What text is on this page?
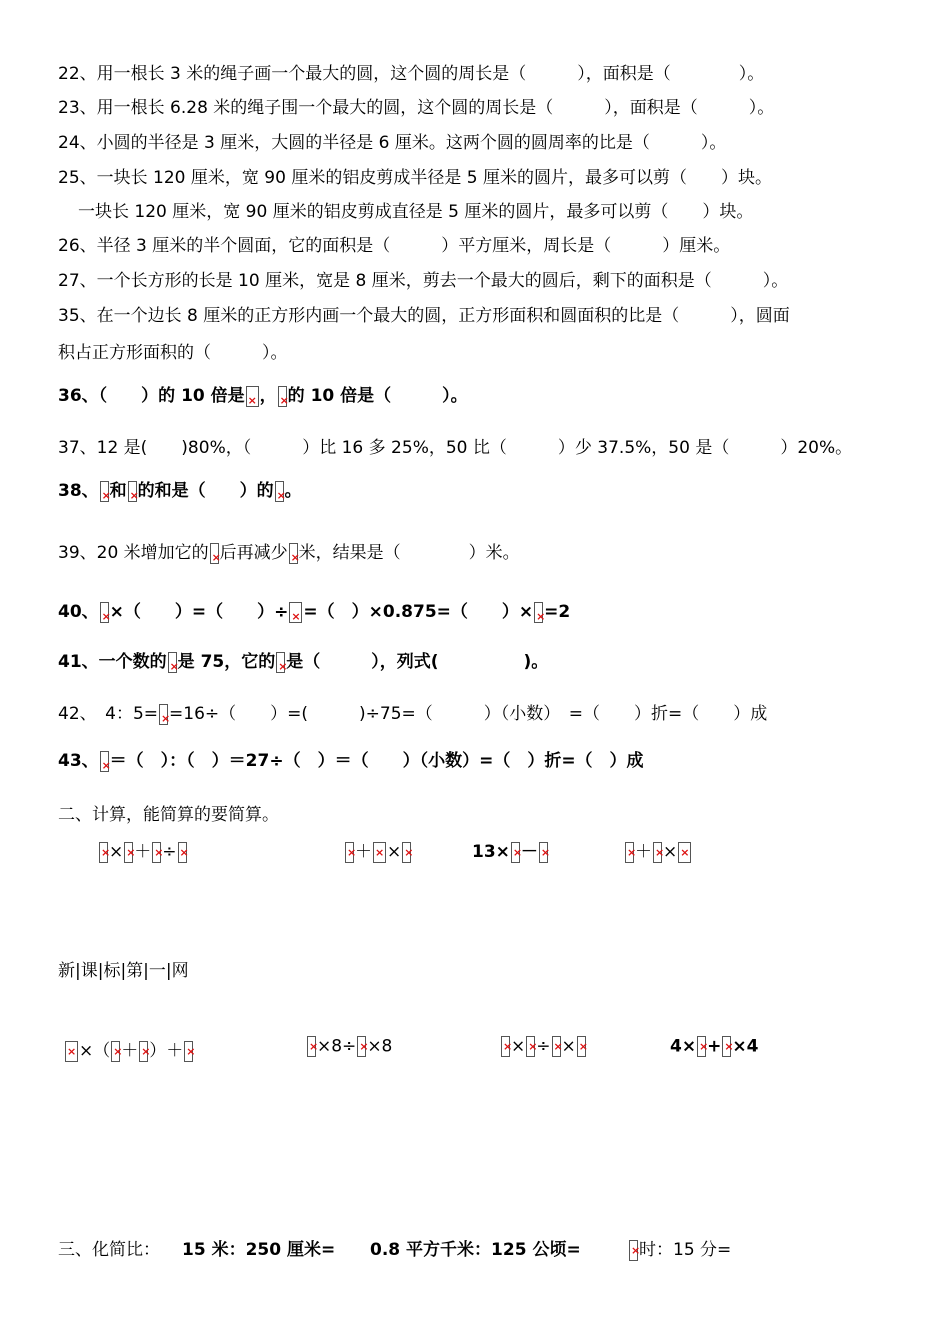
22、用一根长 3 米的绳子画一个最大的圆，这个圆的周长是（　　　），面积是（　　　　）。
23、用一根长 6.28 米的绳子围一个最大的圆，这个圆的周长是（　　　），面积是（　　　）。
24、小圆的半径是 3 厘米，大圆的半径是 6 厘米。这两个圆的圆周率的比是（　　　）。
25、一块长 120 厘米，宽 90 厘米的铝皮剪成半径是 5 厘米的圆片，最多可以剪（　　）块。
一块长 120 厘米，宽 90 厘米的铝皮剪成直径是 5 厘米的圆片，最多可以剪（　　）块。
26、半径 3 厘米的半个圆面，它的面积是（　　　）平方厘米，周长是（　　　）厘米。
27、一个长方形的长是 10 厘米，宽是 8 厘米，剪去一个最大的圆后，剩下的面积是（　　　）。
35、在一个边长 8 厘米的正方形内画一个最大的圆，正方形面积和圆面积的比是（　　　），圆面
积占正方形面积的（　　　）。
36、（　　）的 10 倍是 × ， × 的 10 倍是（　　　）。
37、12 是(　　)80%，（　　　）比 16 多 25%，50 比（　　　）少 37.5%，50 是（　　　）20%。
38、 × 和 × 的和是（　　）的 × 。
39、20 米增加它的 × 后再减少 × 米，结果是（　　　　）米。
40、 × ×（　　）=（　　）÷ × =（　）×0.875=（　　）× × =2
41、一个数的 × 是 75，它的 × 是（　　　），列式(　　　　　)。
42、　4：5= × =16÷（　　）=(　　　)÷75=（　　　）（小数）　=（　　）折=（　　）成
43、 × ＝（　）：（　）＝27÷（　）＝（　　）（小数）=（　）折=（　）成
二、计算，能简算的要简算。
×× × ＋ × ÷ × ×	＋ × × ×	13× × － × ×	＋ × ××
新|课|标|第|一|网
××（ × ＋ × ）＋ × ×	×8÷ × ×8 ×	× × ÷ × × ×	4× × + × ×4
三、化简比： 15 米：250 厘米= 0.8 平方千米：125 公顷= ×	时：15 分=
